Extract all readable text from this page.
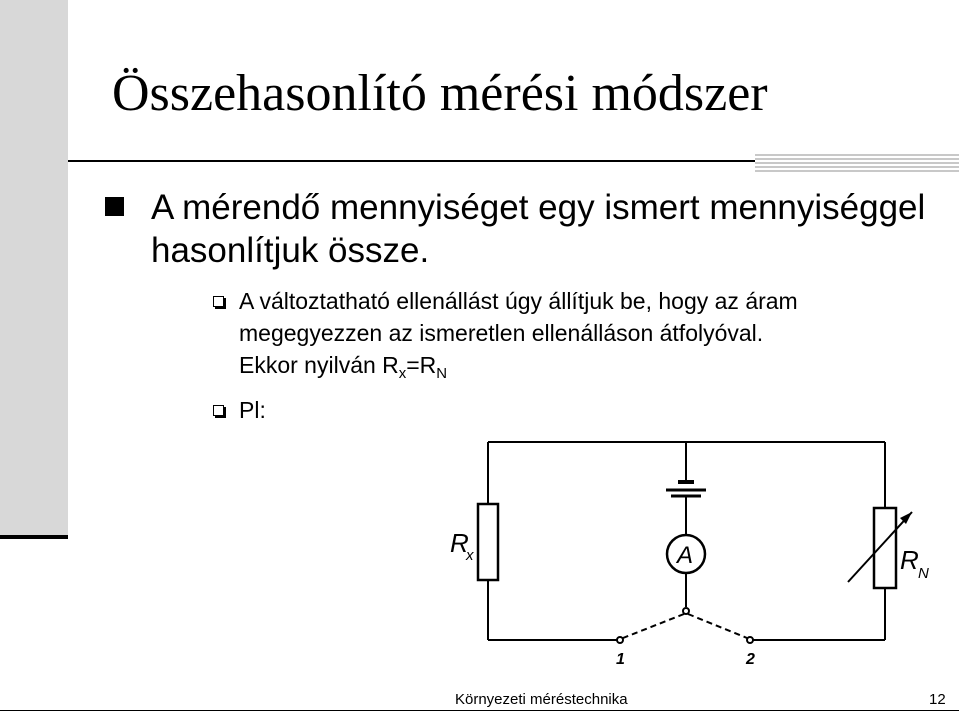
Összehasonlító mérési módszer
A mérendő mennyiséget egy ismert mennyiséggel hasonlítjuk össze.
A változtatható ellenállást úgy állítjuk be, hogy az áram megegyezzen az ismeretlen ellenálláson átfolyóval.
Ekkor nyilván $R_x=R_N$
Pl:
R
x	R N
A
1	2
Környezeti méréstechnika	12
